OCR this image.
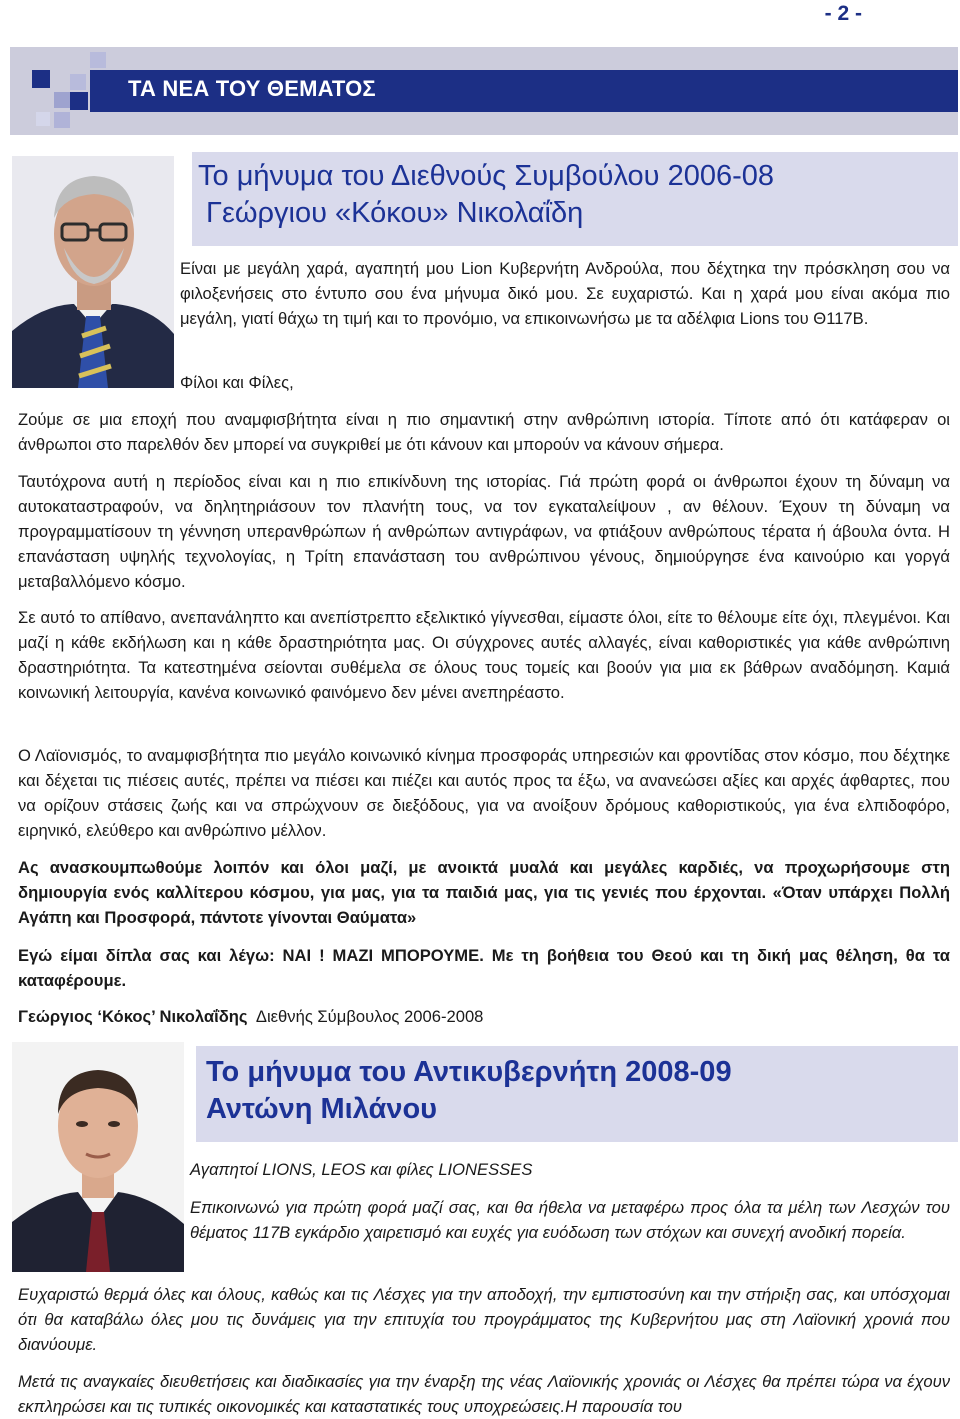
- 2 -
ΤΑ ΝΕΑ ΤΟΥ ΘΕΜΑΤΟΣ
Το μήνυμα του Διεθνούς Συμβούλου 2006-08
Γεώργιου «Κόκου» Νικολαΐδη
Είναι με μεγάλη χαρά, αγαπητή μου Lion Κυβερνήτη Ανδρούλα, που δέχτηκα την πρόσκληση σου να φιλοξενήσεις στο έντυπο σου ένα μήνυμα δικό μου. Σε ευχαριστώ. Και η χαρά μου είναι ακόμα πιο μεγάλη, γιατί θάχω τη τιμή και το προνόμιο, να επικοινωνήσω με τα αδέλφια Lions του Θ117Β.
Φίλοι και Φίλες,
Ζούμε σε μια εποχή που αναμφισβήτητα είναι η πιο σημαντική στην ανθρώπινη ιστορία. Τίποτε από ότι κατάφεραν οι άνθρωποι στο παρελθόν δεν μπορεί να συγκριθεί με ότι κάνουν και μπορούν να κάνουν σήμερα.
Ταυτόχρονα αυτή η περίοδος είναι και η πιο επικίνδυνη της ιστορίας. Γιά πρώτη φορά οι άνθρωποι έχουν τη δύναμη να αυτοκαταστραφούν, να δηλητηριάσουν τον πλανήτη τους, να τον εγκαταλείψουν , αν θέλουν. Έχουν τη δύναμη να προγραμματίσουν τη γέννηση υπερανθρώπων ή ανθρώπων αντιγράφων, να φτιάξουν ανθρώπους τέρατα ή άβουλα όντα. Η επανάσταση υψηλής τεχνολογίας, η Τρίτη επανάσταση του ανθρώπινου γένους, δημιούργησε ένα καινούριο και γοργά μεταβαλλόμενο κόσμο.
Σε αυτό το απίθανο, ανεπανάληπτο και ανεπίστρεπτο εξελικτικό γίγνεσθαι, είμαστε όλοι, είτε το θέλουμε είτε όχι, πλεγμένοι. Και μαζί η κάθε εκδήλωση και η κάθε δραστηριότητα μας. Οι σύγχρονες αυτές αλλαγές, είναι καθοριστικές για κάθε ανθρώπινη δραστηριότητα. Τα κατεστημένα σείονται συθέμελα σε όλους τους τομείς και βοούν για μια εκ βάθρων αναδόμηση. Καμιά κοινωνική λειτουργία, κανένα κοινωνικό φαινόμενο δεν μένει ανεπηρέαστο.
Ο Λαϊονισμός, το αναμφισβήτητα πιο μεγάλο κοινωνικό κίνημα προσφοράς υπηρεσιών και φροντίδας στον κόσμο, που δέχτηκε και δέχεται τις πιέσεις αυτές, πρέπει να πιέσει και πιέζει και αυτός προς τα έξω, να ανανεώσει αξίες και αρχές άφθαρτες, που να ορίζουν στάσεις ζωής και να σπρώχνουν σε διεξόδους, για να ανοίξουν δρόμους καθοριστικούς, για ένα ελπιδοφόρο, ειρηνικό, ελεύθερο και ανθρώπινο μέλλον.
Ας ανασκουμπωθούμε λοιπόν και όλοι μαζί, με ανοικτά μυαλά και μεγάλες καρδιές, να προχωρήσουμε στη δημιουργία ενός καλλίτερου κόσμου, για μας, για τα παιδιά μας, για τις γενιές που έρχονται. «Όταν υπάρχει Πολλή Αγάπη και Προσφορά, πάντοτε γίνονται Θαύματα»
Εγώ είμαι δίπλα σας και λέγω: ΝΑΙ ! ΜΑΖΙ ΜΠΟΡΟΥΜΕ. Με τη βοήθεια του Θεού και τη δική μας θέληση, θα τα καταφέρουμε.
Γεώργιος ‘Κόκος’ Νικολαΐδης Διεθνής Σύμβουλος 2006-2008
Το μήνυμα του Αντικυβερνήτη 2008-09
Αντώνη Μιλάνου
Αγαπητοί LIONS, LEOS και φίλες LIONESSES
Επικοινωνώ για πρώτη φορά μαζί σας, και θα ήθελα να μεταφέρω προς όλα τα μέλη των Λεσχών του θέματος 117Β εγκάρδιο χαιρετισμό και ευχές για ευόδωση των στόχων και συνεχή ανοδική πορεία.
Ευχαριστώ θερμά όλες και όλους, καθώς και τις Λέσχες για την αποδοχή, την εμπιστοσύνη και την στήριξη σας, και υπόσχομαι ότι θα καταβάλω όλες μου τις δυνάμεις για την επιτυχία του προγράμματος της Κυβερνήτου μας στη Λαϊονική χρονιά που διανύουμε.
Μετά τις αναγκαίες διευθετήσεις και διαδικασίες για την έναρξη της νέας Λαϊονικής χρονιάς οι Λέσχες θα πρέπει τώρα να έχουν εκπληρώσει και τις τυπικές οικονομικές και καταστατικές τους υποχρεώσεις.Η παρουσία του
